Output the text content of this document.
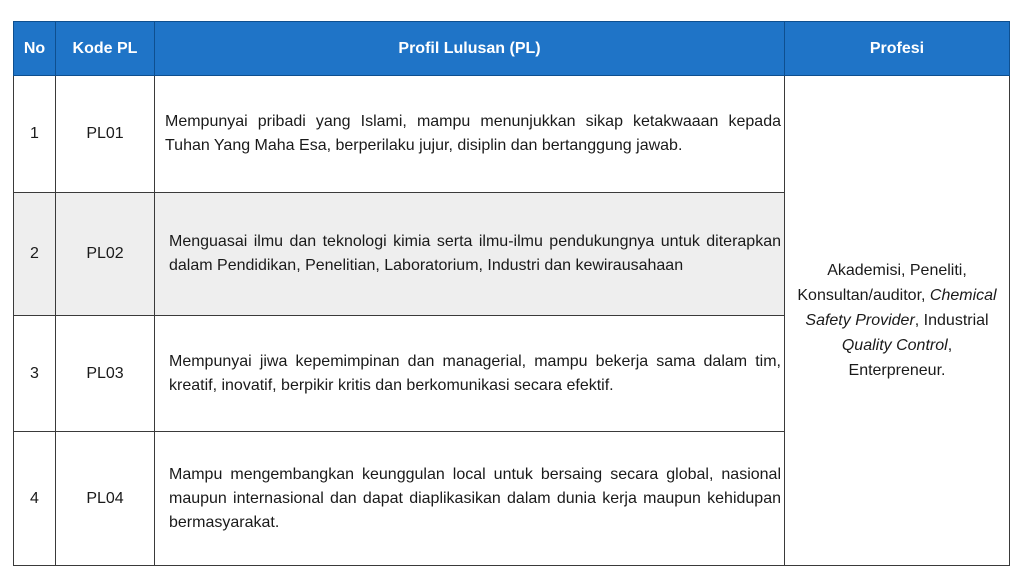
No	Kode PL	Profil Lulusan (PL)	Profesi
1	PL01	Mempunyai pribadi yang Islami, mampu menunjukkan sikap ketakwaaan kepada Tuhan Yang Maha Esa, berperilaku jujur, disiplin dan bertanggung jawab.	Akademisi, Peneliti, Konsultan/auditor, Chemical Safety Provider, Industrial Quality Control, Enterpreneur.
2	PL02	Menguasai ilmu dan teknologi kimia serta ilmu-ilmu pendukungnya untuk diterapkan dalam Pendidikan, Penelitian, Laboratorium, Industri dan kewirausahaan	
3	PL03	Mempunyai jiwa kepemimpinan dan managerial, mampu bekerja sama dalam tim, kreatif, inovatif, berpikir kritis dan berkomunikasi secara efektif.	
4	PL04	Mampu mengembangkan keunggulan local untuk bersaing secara global, nasional maupun internasional dan dapat diaplikasikan dalam dunia kerja maupun kehidupan bermasyarakat.	
